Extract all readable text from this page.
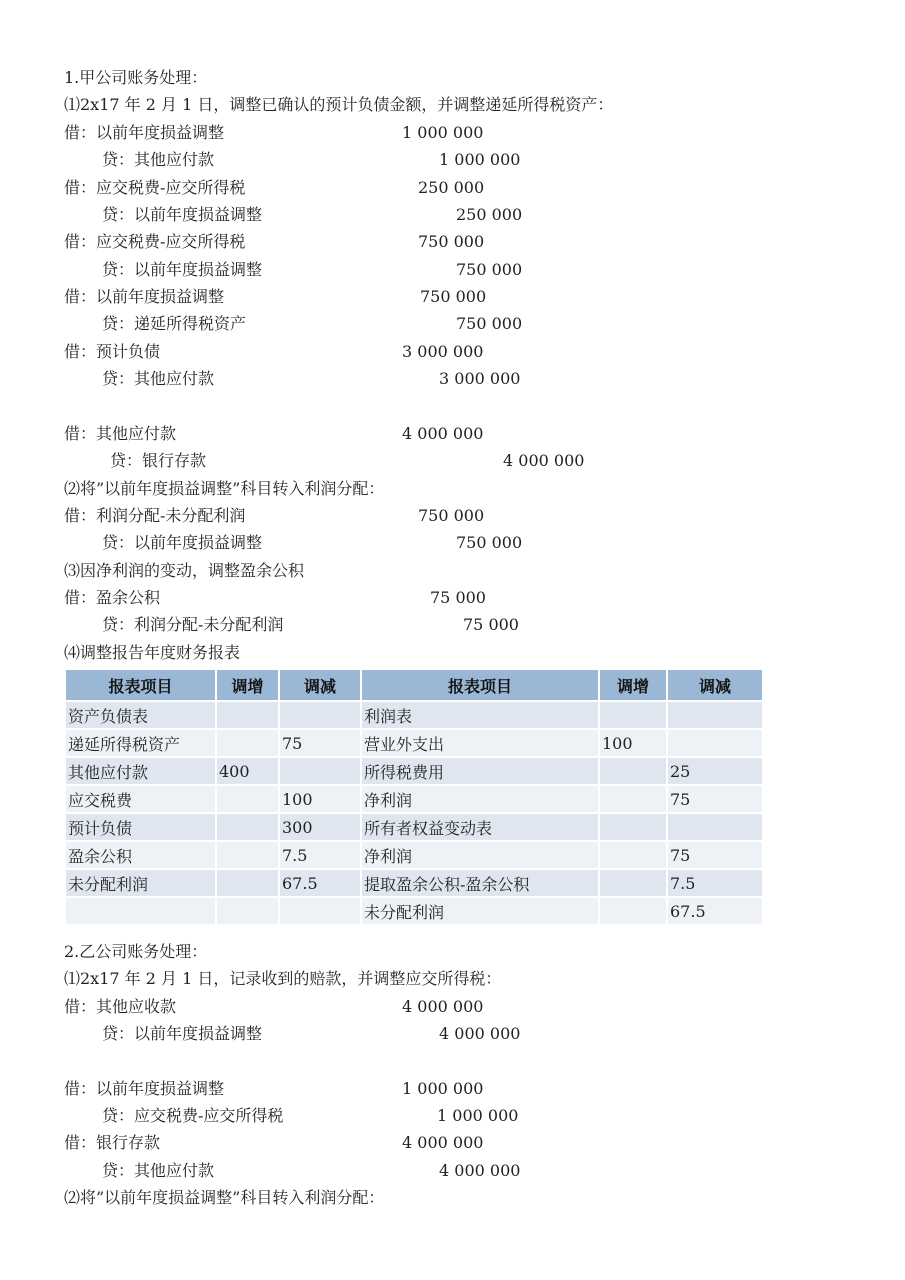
1.甲公司账务处理：
⑴2x17 年 2 月 1 日，调整已确认的预计负债金额，并调整递延所得税资产：
借：以前年度损益调整	1 000 000
贷：其他应付款	1 000 000
借：应交税费-应交所得税	250 000
贷：以前年度损益调整	250 000
借：应交税费-应交所得税	750 000
贷：以前年度损益调整	750 000
借：以前年度损益调整	750 000
贷：递延所得税资产	750 000
借：预计负债	3 000 000
贷：其他应付款	3 000 000
借：其他应付款	4 000 000
贷：银行存款	4 000 000
⑵将”以前年度损益调整”科目转入利润分配：
借：利润分配-未分配利润	750 000
贷：以前年度损益调整	750 000
⑶因净利润的变动，调整盈余公积
借：盈余公积	75 000
贷：利润分配-未分配利润	75 000
⑷调整报告年度财务报表
报表项目	调增	调减	报表项目	调增	调减
资产负债表			利润表		
递延所得税资产		75	营业外支出	100	
其他应付款	400		所得税费用		25
应交税费		100	净利润		75
预计负债		300	所有者权益变动表		
盈余公积		7.5	净利润		75
未分配利润		67.5	提取盈余公积-盈余公积		7.5
			未分配利润		67.5
2.乙公司账务处理：
⑴2x17 年 2 月 1 日，记录收到的赔款，并调整应交所得税：
借：其他应收款	4 000 000
贷：以前年度损益调整	4 000 000
借：以前年度损益调整	1 000 000
贷：应交税费-应交所得税	1 000 000
借：银行存款	4 000 000
贷：其他应付款	4 000 000
⑵将”以前年度损益调整”科目转入利润分配：
